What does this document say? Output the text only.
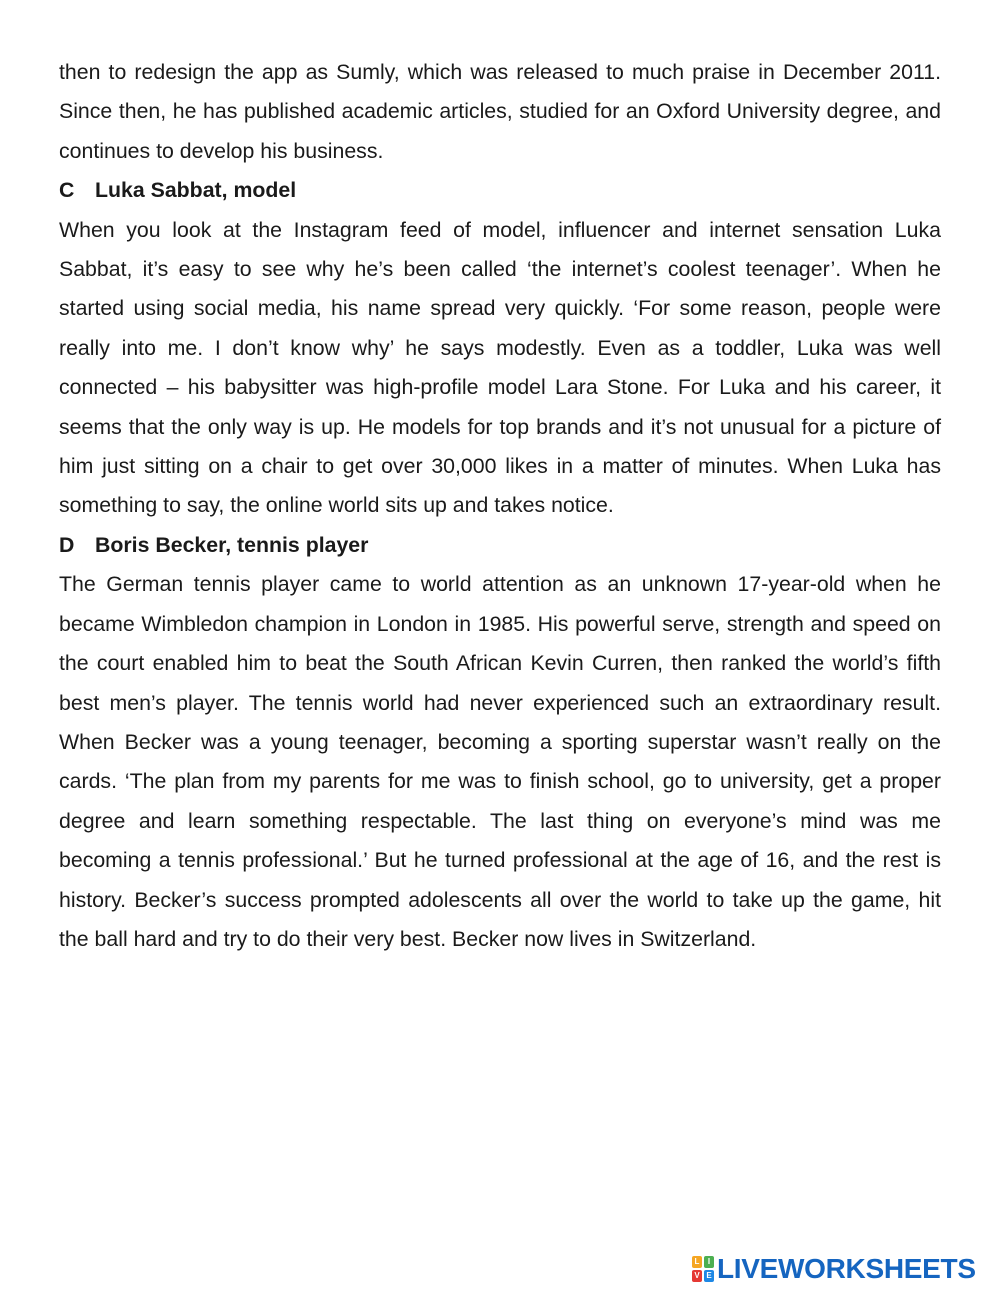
then to redesign the app as Sumly, which was released to much praise in December 2011. Since then, he has published academic articles, studied for an Oxford University degree, and continues to develop his business.

C Luka Sabbat, model

When you look at the Instagram feed of model, influencer and internet sensation Luka Sabbat, it’s easy to see why he’s been called ‘the internet’s coolest teenager’. When he started using social media, his name spread very quickly. ‘For some reason, people were really into me. I don’t know why’ he says modestly. Even as a toddler, Luka was well connected – his babysitter was high-profile model Lara Stone. For Luka and his career, it seems that the only way is up. He models for top brands and it’s not unusual for a picture of him just sitting on a chair to get over 30,000 likes in a matter of minutes. When Luka has something to say, the online world sits up and takes notice.

D Boris Becker, tennis player

The German tennis player came to world attention as an unknown 17-year-old when he became Wimbledon champion in London in 1985. His powerful serve, strength and speed on the court enabled him to beat the South African Kevin Curren, then ranked the world’s fifth best men’s player. The tennis world had never experienced such an extraordinary result. When Becker was a young teenager, becoming a sporting superstar wasn’t really on the cards. ‘The plan from my parents for me was to finish school, go to university, get a proper degree and learn something respectable. The last thing on everyone’s mind was me becoming a tennis professional.’ But he turned professional at the age of 16, and the rest is history. Becker’s success prompted adolescents all over the world to take up the game, hit the ball hard and try to do their very best. Becker now lives in Switzerland.

L	I
V E LIVEWORKSHEETS
